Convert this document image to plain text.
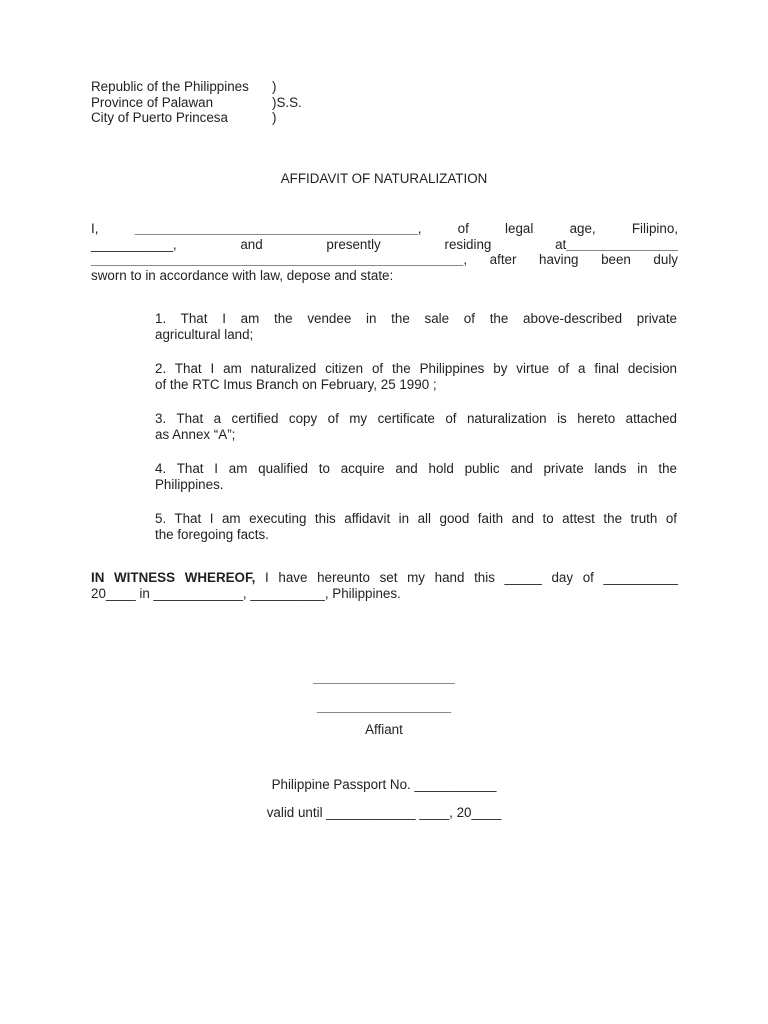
Republic of the Philippines )
Province of Palawan	)S.S.
City of Puerto Princesa	)
AFFIDAVIT OF NATURALIZATION
I, ______________________________________, of legal age, Filipino,
___________,	and	presently	residing	at_______________
__________________________________________________, after having been duly
sworn to in accordance with law, depose and state:
1. That I am the vendee in the sale of the above-described private
agricultural land;
2. That I am naturalized citizen of the Philippines by virtue of a final decision
of the RTC Imus Branch on February, 25 1990 ;
3. That a certified copy of my certificate of naturalization is hereto attached
as Annex “A”;
4. That I am qualified to acquire and hold public and private lands in the
Philippines.
5. That I am executing this affidavit in all good faith and to attest the truth of
the foregoing facts.
IN WITNESS WHEREOF, I have hereunto set my hand this _____ day of __________
20____ in ____________, __________, Philippines.
___________________
__________________
Affiant
Philippine Passport No. ___________
valid until ____________ ____, 20____
